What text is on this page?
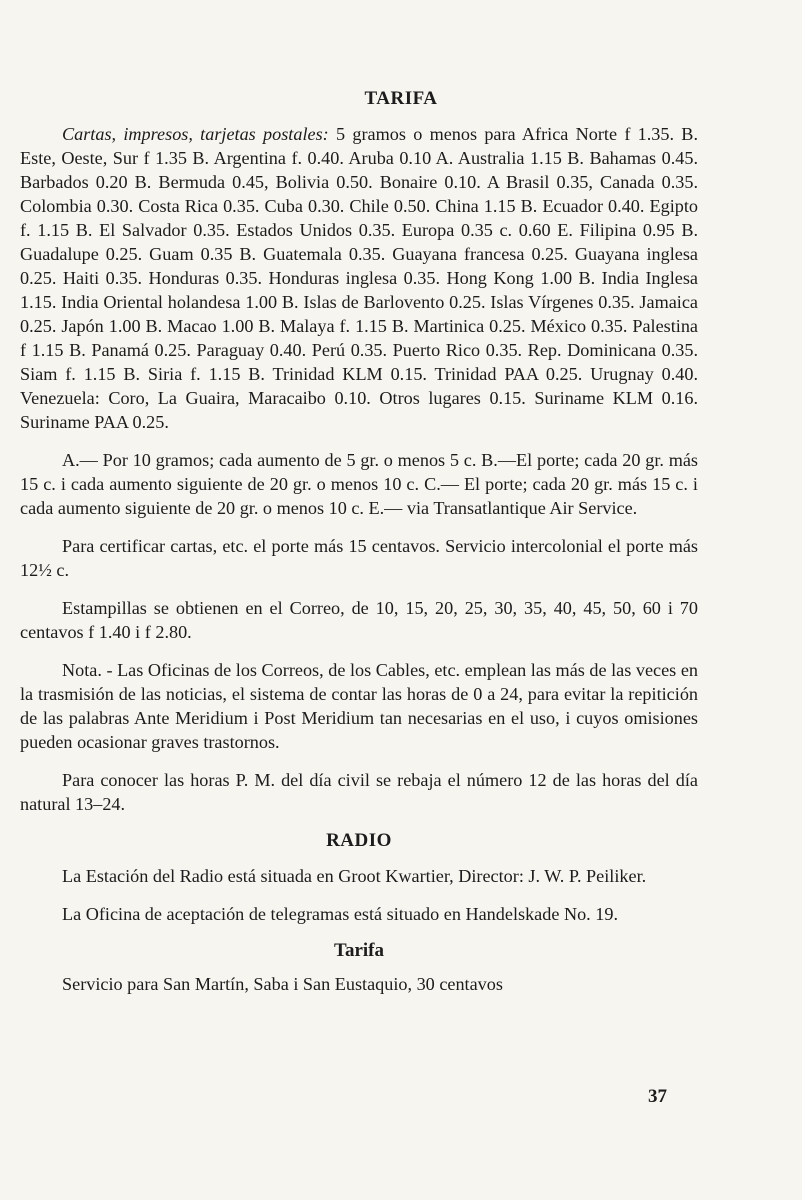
TARIFA

Cartas, impresos, tarjetas postales: 5 gramos o menos para Africa Norte f 1.35. B. Este, Oeste, Sur f 1.35 B. Argentina f. 0.40. Aruba 0.10 A. Australia 1.15 B. Bahamas 0.45. Barbados 0.20 B. Bermuda 0.45, Bolivia 0.50. Bonaire 0.10. A Brasil 0.35, Canada 0.35. Colombia 0.30. Costa Rica 0.35. Cuba 0.30. Chile 0.50. China 1.15 B. Ecuador 0.40. Egipto f. 1.15 B. El Salvador 0.35. Estados Unidos 0.35. Europa 0.35 c. 0.60 E. Filipina 0.95 B. Guadalupe 0.25. Guam 0.35 B. Guatemala 0.35. Guayana francesa 0.25. Guayana inglesa 0.25. Haiti 0.35. Honduras 0.35. Honduras inglesa 0.35. Hong Kong 1.00 B. India Inglesa 1.15. India Oriental holandesa 1.00 B. Islas de Barlovento 0.25. Islas Vírgenes 0.35. Jamaica 0.25. Japón 1.00 B. Macao 1.00 B. Malaya f. 1.15 B. Martinica 0.25. México 0.35. Palestina f 1.15 B. Panamá 0.25. Paraguay 0.40. Perú 0.35. Puerto Rico 0.35. Rep. Dominicana 0.35. Siam f. 1.15 B. Siria f. 1.15 B. Trinidad KLM 0.15. Trinidad PAA 0.25. Urugnay 0.40. Venezuela: Coro, La Guaira, Maracaibo 0.10. Otros lugares 0.15. Suriname KLM 0.16. Suriname PAA 0.25.

A.— Por 10 gramos; cada aumento de 5 gr. o menos 5 c. B.—El porte; cada 20 gr. más 15 c. i cada aumento siguiente de 20 gr. o menos 10 c. C.— El porte; cada 20 gr. más 15 c. i cada aumento siguiente de 20 gr. o menos 10 c. E.— via Transatlantique Air Service.

Para certificar cartas, etc. el porte más 15 centavos. Servicio intercolonial el porte más 12½ c.

Estampillas se obtienen en el Correo, de 10, 15, 20, 25, 30, 35, 40, 45, 50, 60 i 70 centavos f 1.40 i f 2.80.

Nota. - Las Oficinas de los Correos, de los Cables, etc. emplean las más de las veces en la trasmisión de las noticias, el sistema de contar las horas de 0 a 24, para evitar la repitición de las palabras Ante Meridium i Post Meridium tan necesarias en el uso, i cuyos omisiones pueden ocasionar graves trastornos.

Para conocer las horas P. M. del día civil se rebaja el número 12 de las horas del día natural 13–24.

RADIO

La Estación del Radio está situada en Groot Kwartier, Director: J. W. P. Peiliker.

La Oficina de aceptación de telegramas está situado en Handelskade No. 19.

Tarifa

Servicio para San Martín, Saba i San Eustaquio, 30 centavos

37
